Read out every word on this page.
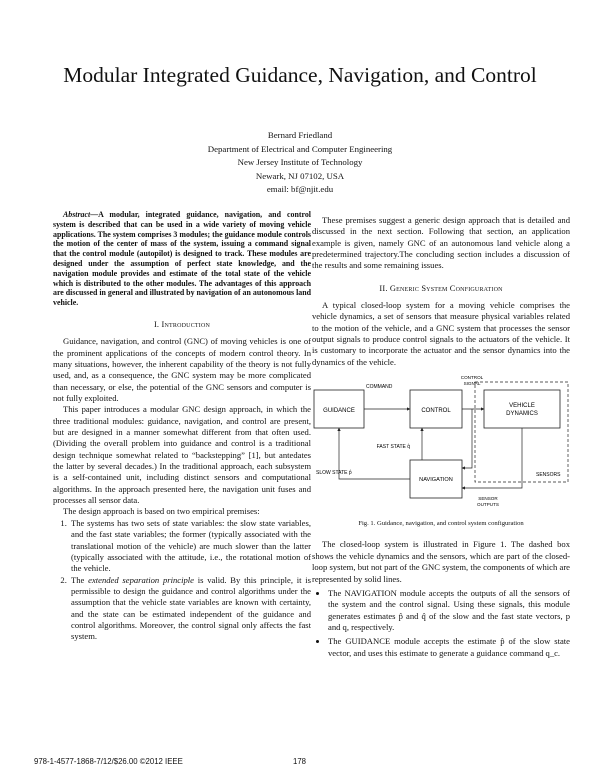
Modular Integrated Guidance, Navigation, and Control
Bernard Friedland
Department of Electrical and Computer Engineering
New Jersey Institute of Technology
Newark, NJ 07102, USA
email: bf@njit.edu

Abstract—A modular, integrated guidance, navigation, and control system is described that can be used in a wide variety of moving vehicle applications. The system comprises 3 modules; the guidance module controls the motion of the center of mass of the system, issuing a command signal that the control module (autopilot) is designed to track. These modules are designed under the assumption of perfect state knowledge, and the navigation module provides and estimate of the total state of the vehicle which is distributed to the other modules. The advantages of this approach are discussed in general and illustrated by navigation of an autonomous land vehicle.

I. Introduction

Guidance, navigation, and control (GNC) of moving vehicles is one of the prominent applications of the concepts of modern control theory. In many situations, however, the inherent capability of the theory is not fully used, and, as a consequence, the GNC system may be more complicated than necessary, or else, the potential of the GNC sensors and computer is not fully exploited.

This paper introduces a modular GNC design approach, in which the three traditional modules: guidance, navigation, and control are present, but are designed in a manner somewhat different from that often used. (Dividing the overall problem into guidance and control is a traditional design technique somewhat related to “backstepping” [1], but antedates the latter by several decades.) In the traditional approach, each subsystem is a self-contained unit, including distinct sensors and computational algorithms. In the approach presented here, the navigation unit fuses and processes all sensor data.

The design approach is based on two empirical premises:

1. The systems has two sets of state variables: the slow state variables, and the fast state variables; the former (typically associated with the translational motion of the vehicle) are much slower than the latter (typically associated with the attitude, i.e., the rotational motion of the vehicle.
2. The extended separation principle is valid. By this principle, it is permissible to design the guidance and control algorithms under the assumption that the vehicle state variables are known with certainty, and the state can be estimated independent of the guidance and control algorithms. Moreover, the control signal only affects the fast system.

These premises suggest a generic design approach that is detailed and discussed in the next section. Following that section, an application example is given, namely GNC of an autonomous land vehicle along a predetermined trajectory.The concluding section includes a discussion of the results and some remaining issues.

II. Generic System Configuration

A typical closed-loop system for a moving vehicle comprises the vehicle dynamics, a set of sensors that measure physical variables related to the motion of the vehicle, and a GNC system that processes the sensor output signals to produce control signals to the actuators of the vehicle. It is customary to incorporate the actuator and the sensor dynamics into the dynamics of the vehicle.

GUIDANCE	CONTROL
VEHICLE
DYNAMICS
NAVIGATION
COMMAND
CONTROL
SIGNAL
FAST STATE q̂
SLOW STATE p̂	SENSORS
SENSOR
OUTPUTS
Fig. 1. Guidance, navigation, and control system configuration

The closed-loop system is illustrated in Figure 1. The dashed box shows the vehicle dynamics and the sensors, which are part of the closed-loop system, but not part of the GNC system, the components of which are represented by solid lines.

• The NAVIGATION module accepts the outputs of all the sensors of the system and the control signal. Using these signals, this module generates estimates p̂ and q̂ of the slow and the fast state vectors, p and q, respectively.
• The GUIDANCE module accepts the estimate p̂ of the slow state vector, and uses this estimate to generate a guidance command q_c.
978-1-4577-1868-7/12/$26.00 ©2012 IEEE	178
